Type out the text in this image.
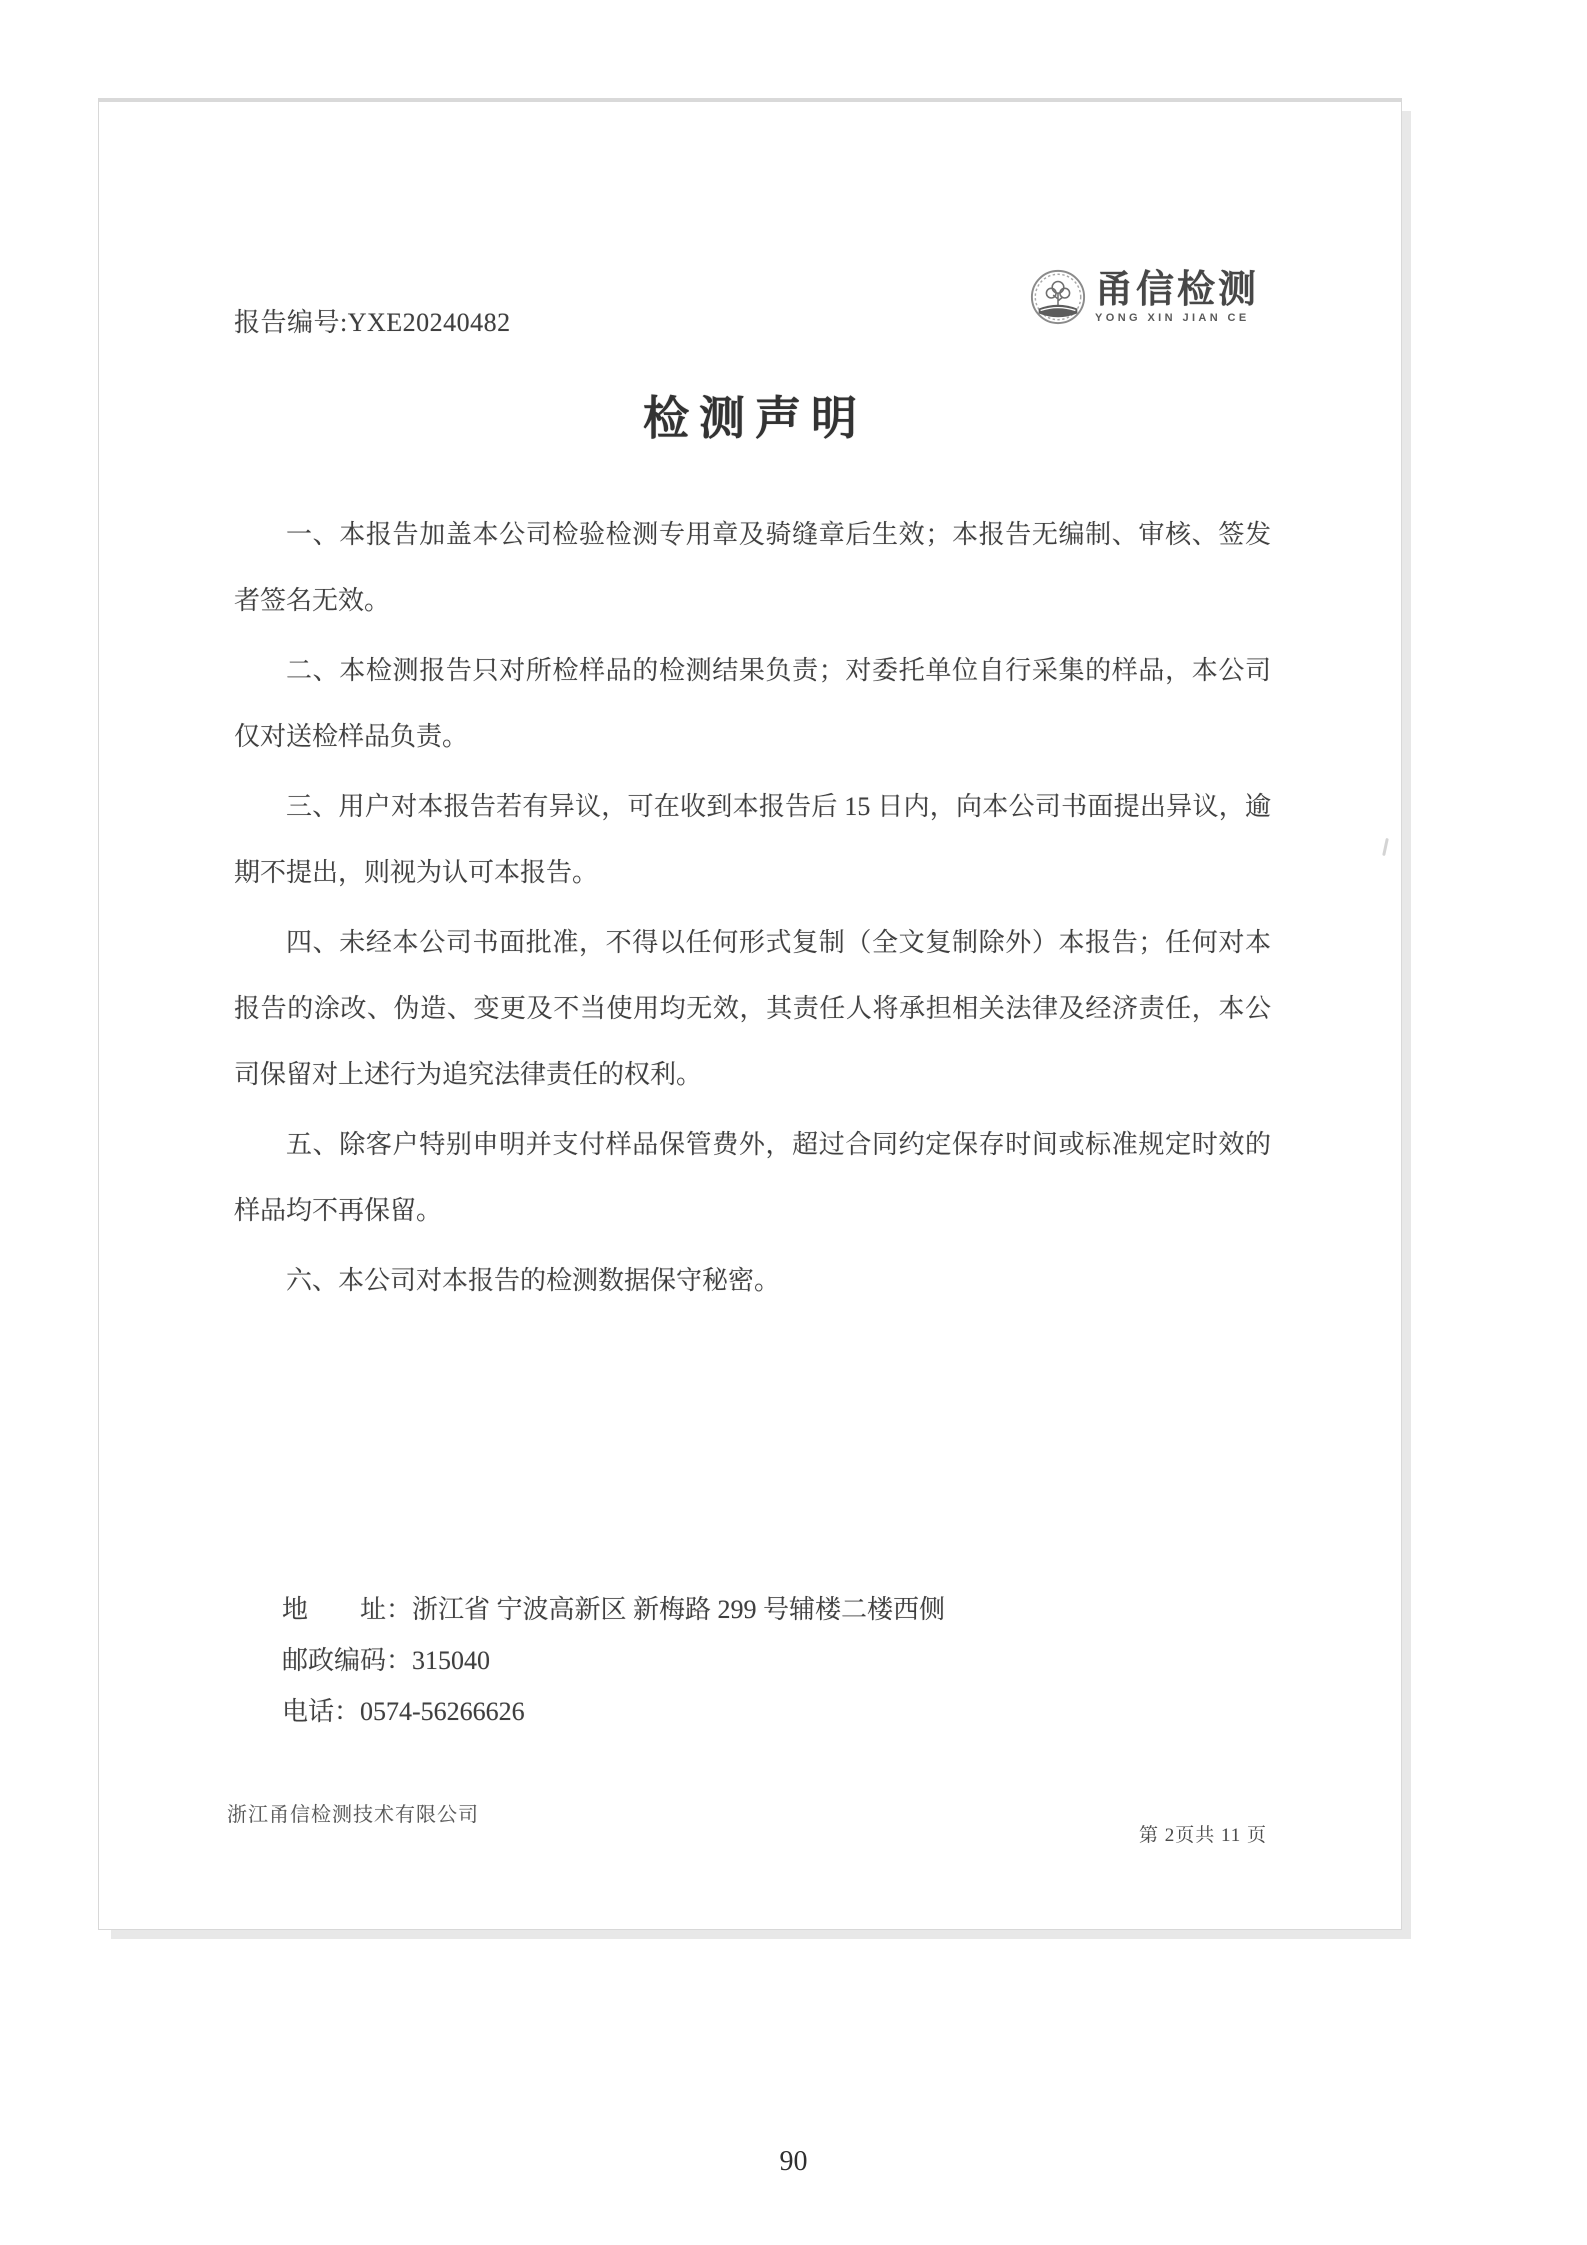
报告编号:YXE20240482
甬信检测
YONG XIN JIAN CE
检测声明

一、本报告加盖本公司检验检测专用章及骑缝章后生效；本报告无编制、审核、签发者签名无效。

二、本检测报告只对所检样品的检测结果负责；对委托单位自行采集的样品，本公司仅对送检样品负责。

三、用户对本报告若有异议，可在收到本报告后 15 日内，向本公司书面提出异议，逾期不提出，则视为认可本报告。

四、未经本公司书面批准，不得以任何形式复制（全文复制除外）本报告；任何对本报告的涂改、伪造、变更及不当使用均无效，其责任人将承担相关法律及经济责任，本公司保留对上述行为追究法律责任的权利。

五、除客户特别申明并支付样品保管费外，超过合同约定保存时间或标准规定时效的样品均不再保留。

六、本公司对本报告的检测数据保守秘密。

地　　址：浙江省 宁波高新区 新梅路 299 号辅楼二楼西侧
邮政编码：315040
电话：0574-56266626
浙江甬信检测技术有限公司
第 2页共 11 页
90
